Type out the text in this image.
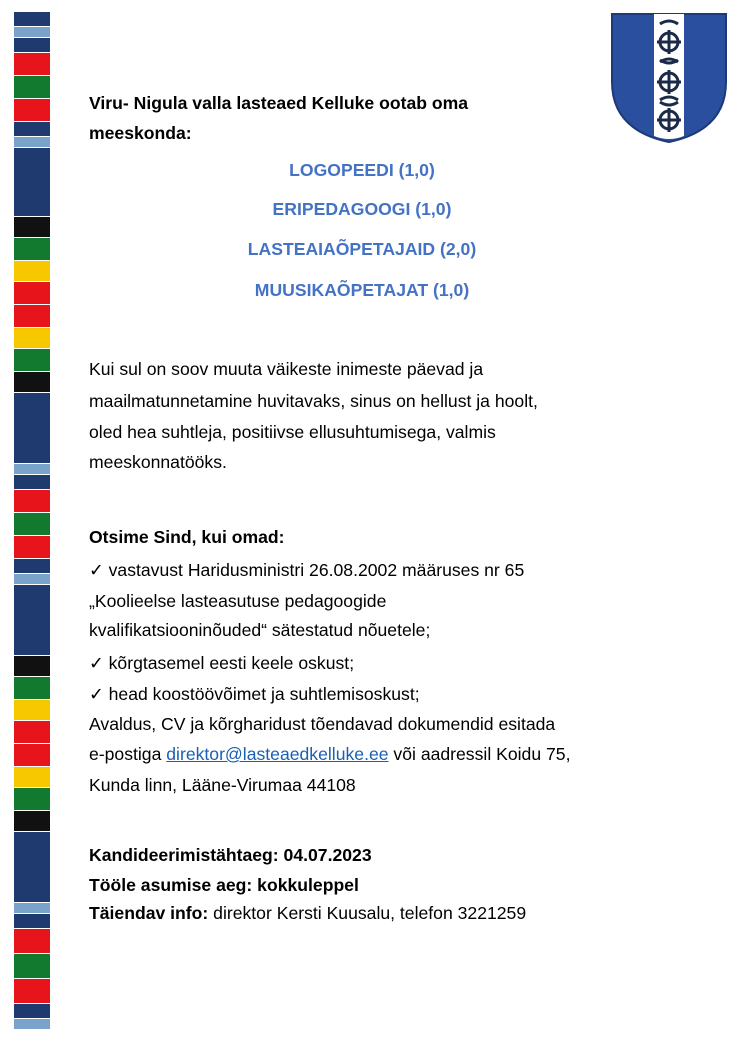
Viru- Nigula valla lasteaed Kelluke ootab oma
meeskonda:
LOGOPEEDI (1,0)
ERIPEDAGOOGI (1,0)
LASTEAIAÕPETAJAID (2,0)
MUUSIKAÕPETAJAT (1,0)
Kui sul on soov muuta väikeste inimeste päevad ja
maailmatunnetamine huvitavaks, sinus on hellust ja hoolt,
oled hea suhtleja, positiivse ellusuhtumisega, valmis
meeskonnatööks.
Otsime Sind, kui omad:
✓ vastavust Haridusministri 26.08.2002 määruses nr 65
„Koolieelse lasteasutuse pedagoogide
kvalifikatsiooninõuded“ sätestatud nõuetele;
✓ kõrgtasemel eesti keele oskust;
✓ head koostöövõimet ja suhtlemisoskust;
Avaldus, CV ja kõrgharidust tõendavad dokumendid esitada
e-postiga direktor@lasteaedkelluke.ee või aadressil Koidu 75,
Kunda linn, Lääne-Virumaa 44108
Kandideerimistähtaeg: 04.07.2023
Tööle asumise aeg: kokkuleppel
Täiendav info: direktor Kersti Kuusalu, telefon 3221259
